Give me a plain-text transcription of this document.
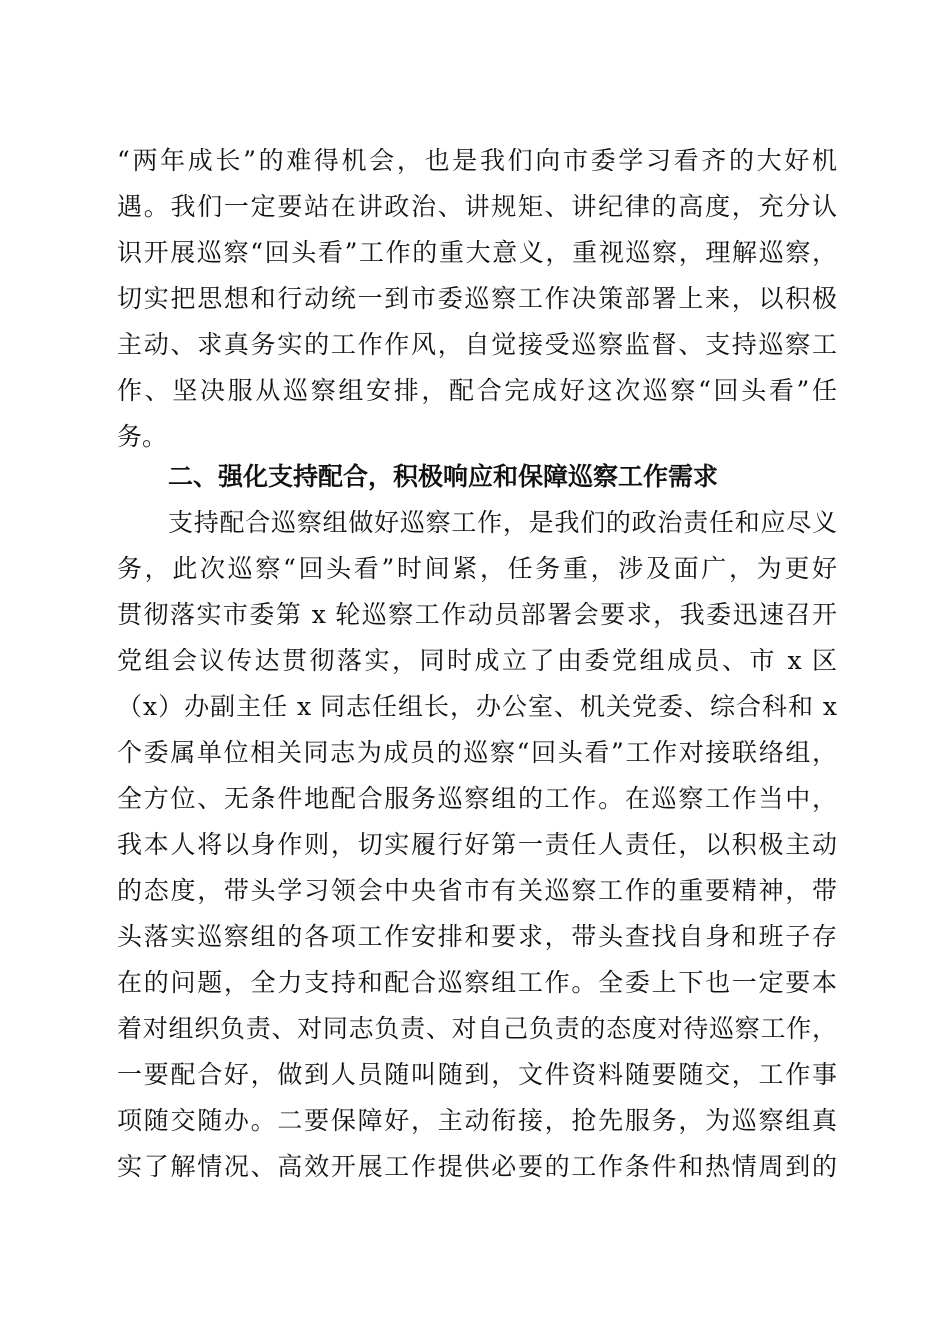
“两年成长”的难得机会，也是我们向市委学习看齐的大好机
遇。我们一定要站在讲政治、讲规矩、讲纪律的高度，充分认
识开展巡察“回头看”工作的重大意义，重视巡察，理解巡察，
切实把思想和行动统一到市委巡察工作决策部署上来，以积极
主动、求真务实的工作作风，自觉接受巡察监督、支持巡察工
作、坚决服从巡察组安排，配合完成好这次巡察“回头看”任
务。
二、强化支持配合，积极响应和保障巡察工作需求
支持配合巡察组做好巡察工作，是我们的政治责任和应尽义
务，此次巡察“回头看”时间紧，任务重，涉及面广，为更好
贯彻落实市委第 x 轮巡察工作动员部署会要求，我委迅速召开
党组会议传达贯彻落实，同时成立了由委党组成员、市 x 区
（x）办副主任 x 同志任组长，办公室、机关党委、综合科和 x
个委属单位相关同志为成员的巡察“回头看”工作对接联络组，
全方位、无条件地配合服务巡察组的工作。在巡察工作当中，
我本人将以身作则，切实履行好第一责任人责任，以积极主动
的态度，带头学习领会中央省市有关巡察工作的重要精神，带
头落实巡察组的各项工作安排和要求，带头查找自身和班子存
在的问题，全力支持和配合巡察组工作。全委上下也一定要本
着对组织负责、对同志负责、对自己负责的态度对待巡察工作，
一要配合好，做到人员随叫随到，文件资料随要随交，工作事
项随交随办。二要保障好，主动衔接，抢先服务，为巡察组真
实了解情况、高效开展工作提供必要的工作条件和热情周到的
